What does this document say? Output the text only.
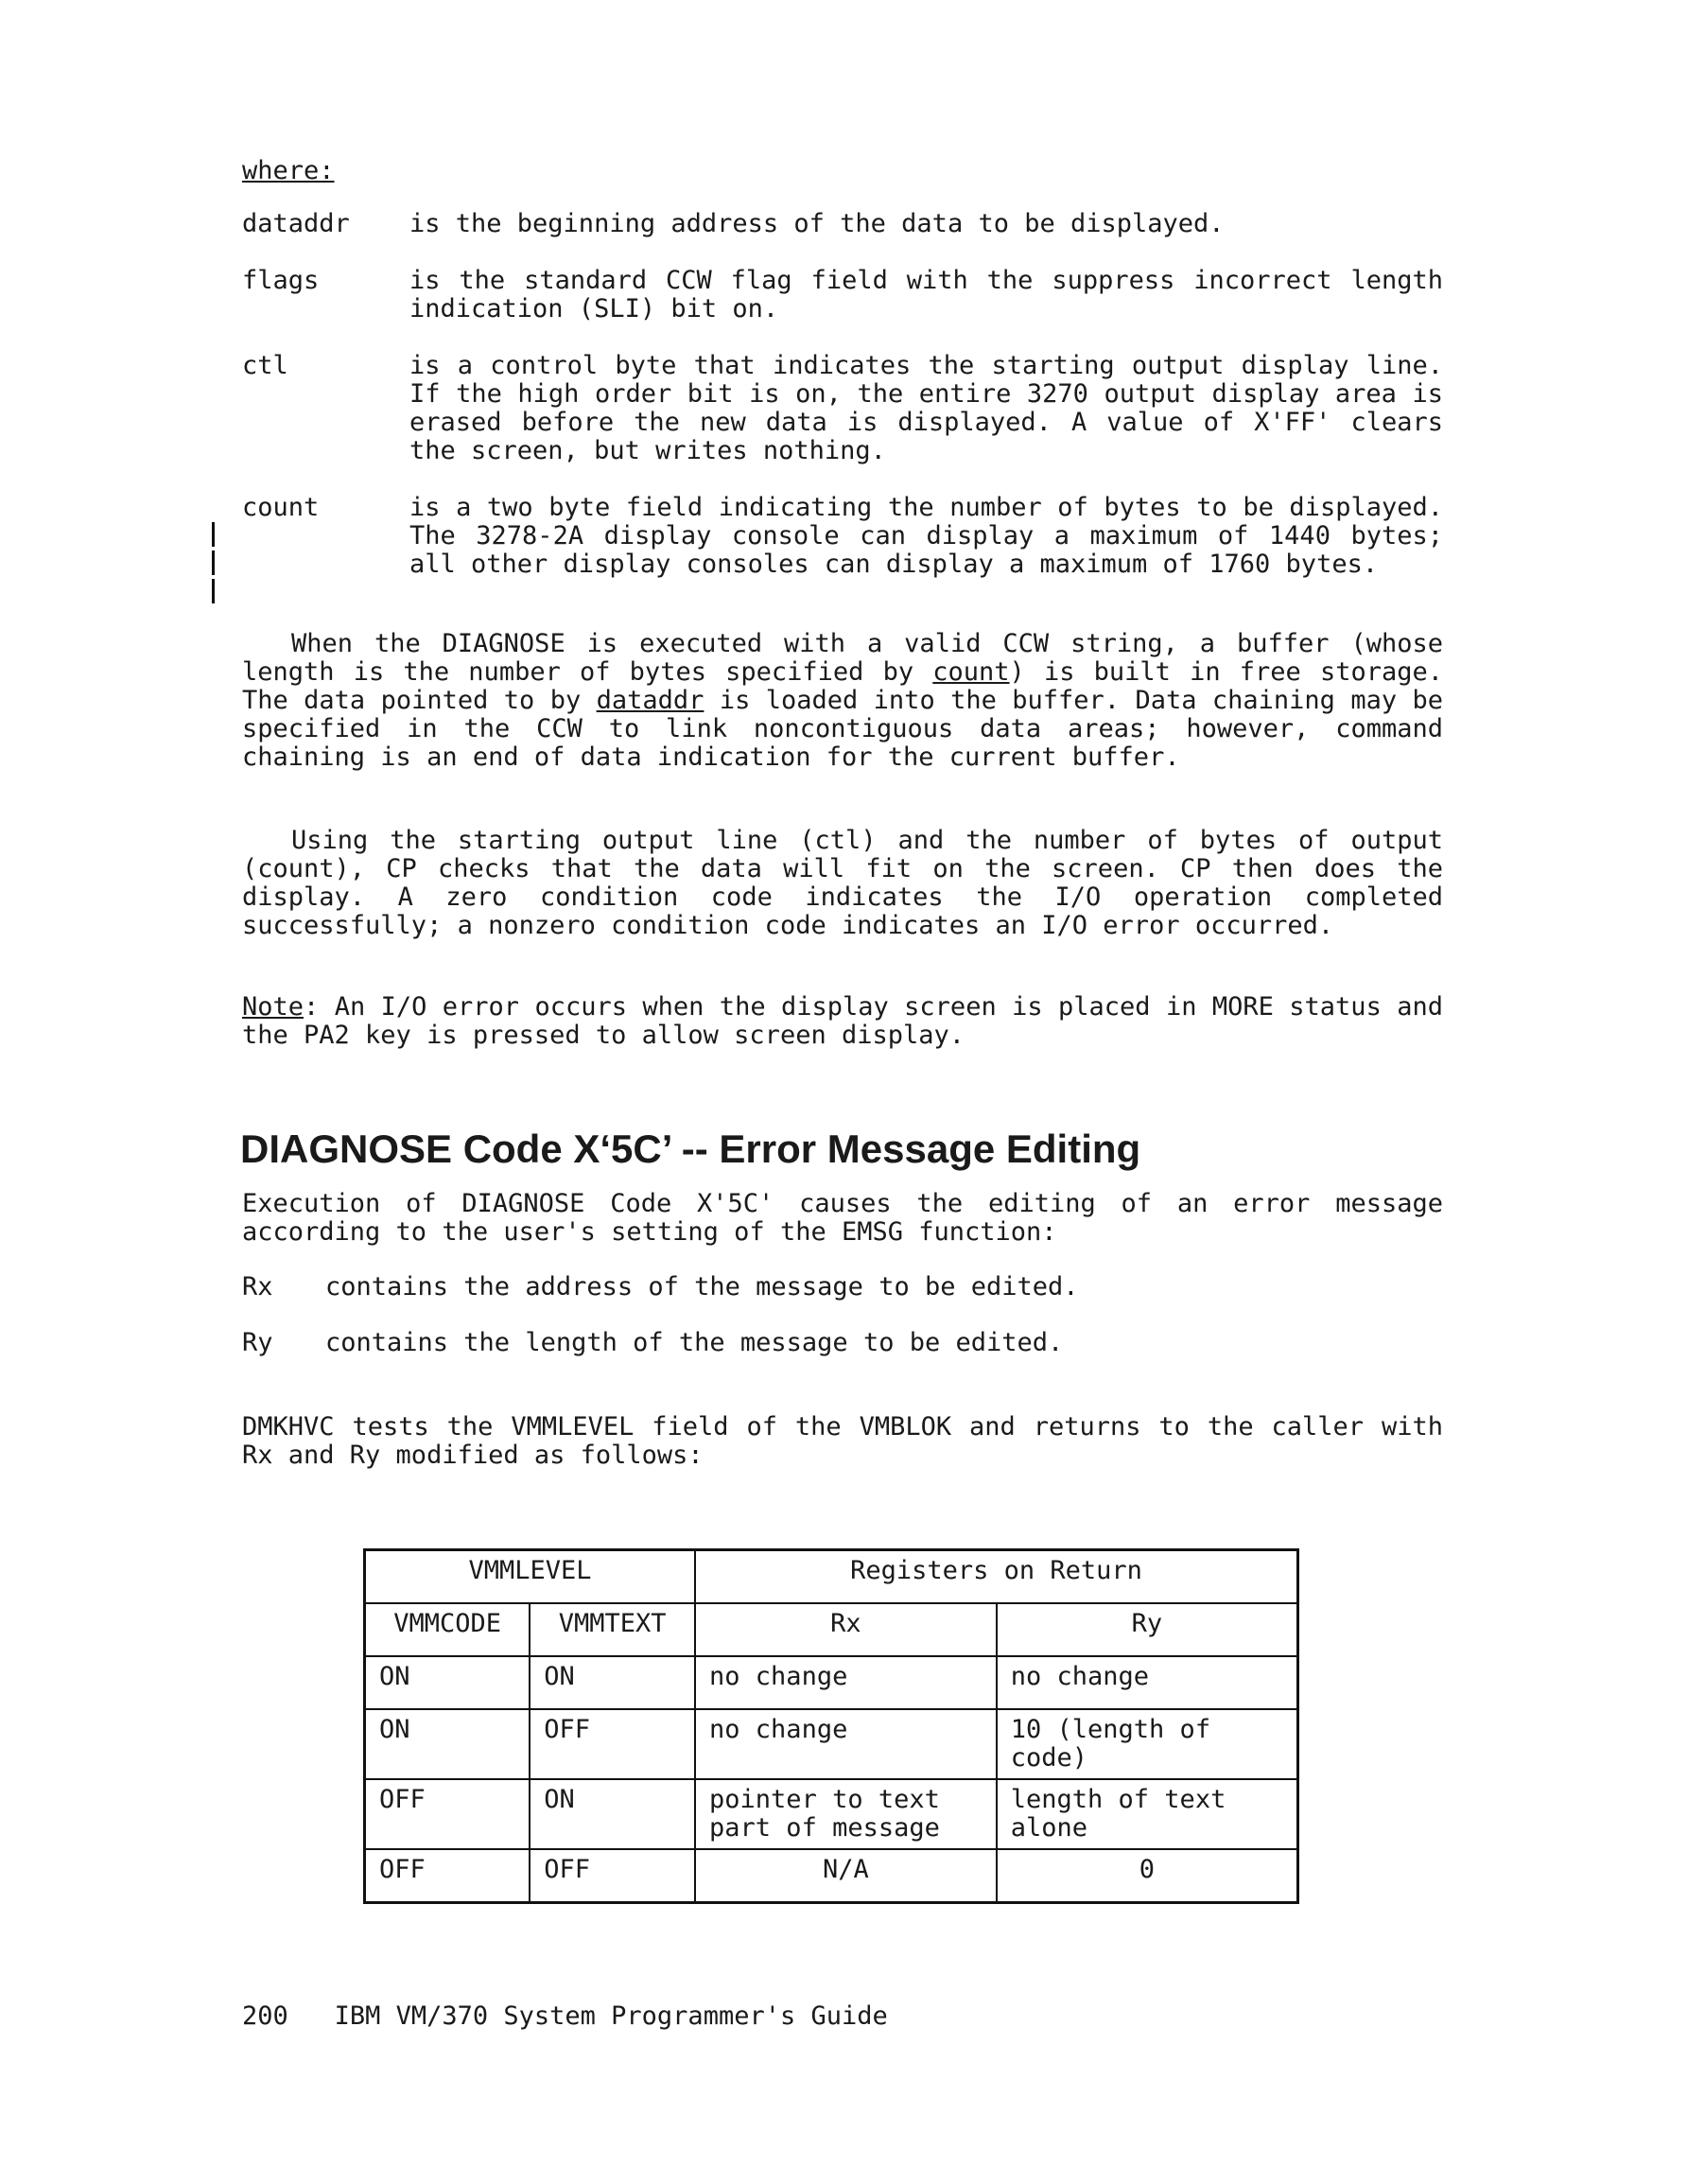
where:
dataddr	is the beginning address of the data to be displayed.
flags	is the standard CCW flag field with the suppress incorrect length indication (SLI) bit on.
ctl	is a control byte that indicates the starting output display line. If the high order bit is on, the entire 3270 output display area is erased before the new data is displayed. A value of X'FF' clears the screen, but writes nothing.
count	is a two byte field indicating the number of bytes to be displayed. The 3278-2A display console can display a maximum of 1440 bytes; all other display consoles can display a maximum of 1760 bytes.
When the DIAGNOSE is executed with a valid CCW string, a buffer (whose length is the number of bytes specified by count) is built in free storage. The data pointed to by dataddr is loaded into the buffer. Data chaining may be specified in the CCW to link noncontiguous data areas; however, command chaining is an end of data indication for the current buffer.
Using the starting output line (ctl) and the number of bytes of output (count), CP checks that the data will fit on the screen. CP then does the display. A zero condition code indicates the I/O operation completed successfully; a nonzero condition code indicates an I/O error occurred.
Note: An I/O error occurs when the display screen is placed in MORE status and the PA2 key is pressed to allow screen display.
DIAGNOSE Code X‘5C’ -- Error Message Editing
Execution of DIAGNOSE Code X'5C' causes the editing of an error message according to the user's setting of the EMSG function:
Rx contains the address of the message to be edited.
Ry contains the length of the message to be edited.
DMKHVC tests the VMMLEVEL field of the VMBLOK and returns to the caller with Rx and Ry modified as follows:
VMMLEVEL		Registers on Return	
VMMCODE	VMMTEXT	Rx	Ry
ON	ON	no change	no change
ON	OFF	no change	10 (length of code)
OFF	ON	pointer to text part of message	length of text alone
OFF	OFF	N/A	0
200 IBM VM/370 System Programmer's Guide
